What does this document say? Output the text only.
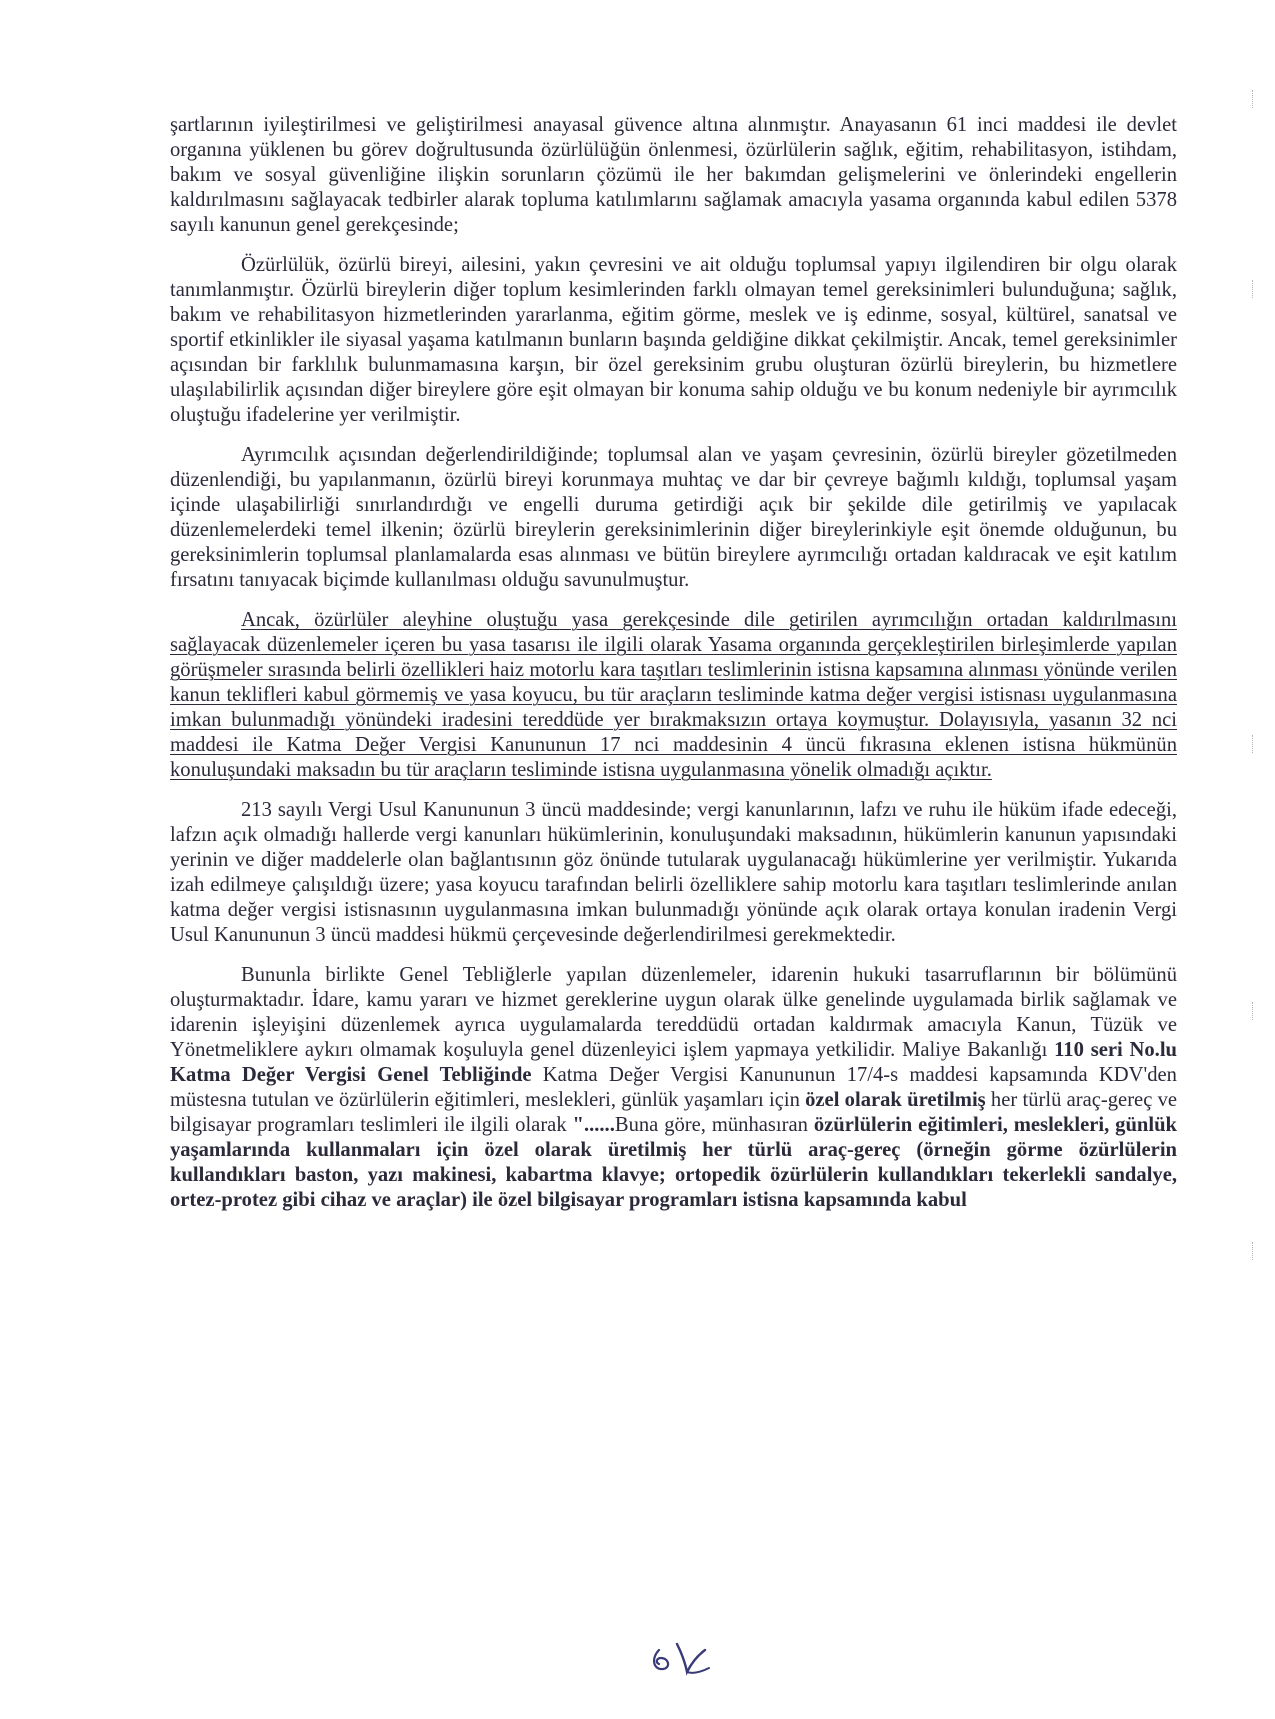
şartlarının iyileştirilmesi ve geliştirilmesi anayasal güvence altına alınmıştır. Anayasanın 61 inci maddesi ile devlet organına yüklenen bu görev doğrultusunda özürlülüğün önlenmesi, özürlülerin sağlık, eğitim, rehabilitasyon, istihdam, bakım ve sosyal güvenliğine ilişkin sorunların çözümü ile her bakımdan gelişmelerini ve önlerindeki engellerin kaldırılmasını sağlayacak tedbirler alarak topluma katılımlarını sağlamak amacıyla yasama organında kabul edilen 5378 sayılı kanunun genel gerekçesinde;

Özürlülük, özürlü bireyi, ailesini, yakın çevresini ve ait olduğu toplumsal yapıyı ilgilendiren bir olgu olarak tanımlanmıştır. Özürlü bireylerin diğer toplum kesimlerinden farklı olmayan temel gereksinimleri bulunduğuna; sağlık, bakım ve rehabilitasyon hizmetlerinden yararlanma, eğitim görme, meslek ve iş edinme, sosyal, kültürel, sanatsal ve sportif etkinlikler ile siyasal yaşama katılmanın bunların başında geldiğine dikkat çekilmiştir. Ancak, temel gereksinimler açısından bir farklılık bulunmamasına karşın, bir özel gereksinim grubu oluşturan özürlü bireylerin, bu hizmetlere ulaşılabilirlik açısından diğer bireylere göre eşit olmayan bir konuma sahip olduğu ve bu konum nedeniyle bir ayrımcılık oluştuğu ifadelerine yer verilmiştir.

Ayrımcılık açısından değerlendirildiğinde; toplumsal alan ve yaşam çevresinin, özürlü bireyler gözetilmeden düzenlendiği, bu yapılanmanın, özürlü bireyi korunmaya muhtaç ve dar bir çevreye bağımlı kıldığı, toplumsal yaşam içinde ulaşabilirliği sınırlandırdığı ve engelli duruma getirdiği açık bir şekilde dile getirilmiş ve yapılacak düzenlemelerdeki temel ilkenin; özürlü bireylerin gereksinimlerinin diğer bireylerinkiyle eşit önemde olduğunun, bu gereksinimlerin toplumsal planlamalarda esas alınması ve bütün bireylere ayrımcılığı ortadan kaldıracak ve eşit katılım fırsatını tanıyacak biçimde kullanılması olduğu savunulmuştur.

Ancak, özürlüler aleyhine oluştuğu yasa gerekçesinde dile getirilen ayrımcılığın ortadan kaldırılmasını sağlayacak düzenlemeler içeren bu yasa tasarısı ile ilgili olarak Yasama organında gerçekleştirilen birleşimlerde yapılan görüşmeler sırasında belirli özellikleri haiz motorlu kara taşıtları teslimlerinin istisna kapsamına alınması yönünde verilen kanun teklifleri kabul görmemiş ve yasa koyucu, bu tür araçların tesliminde katma değer vergisi istisnası uygulanmasına imkan bulunmadığı yönündeki iradesini tereddüde yer bırakmaksızın ortaya koymuştur. Dolayısıyla, yasanın 32 nci maddesi ile Katma Değer Vergisi Kanununun 17 nci maddesinin 4 üncü fıkrasına eklenen istisna hükmünün konuluşundaki maksadın bu tür araçların tesliminde istisna uygulanmasına yönelik olmadığı açıktır.

213 sayılı Vergi Usul Kanununun 3 üncü maddesinde; vergi kanunlarının, lafzı ve ruhu ile hüküm ifade edeceği, lafzın açık olmadığı hallerde vergi kanunları hükümlerinin, konuluşundaki maksadının, hükümlerin kanunun yapısındaki yerinin ve diğer maddelerle olan bağlantısının göz önünde tutularak uygulanacağı hükümlerine yer verilmiştir. Yukarıda izah edilmeye çalışıldığı üzere; yasa koyucu tarafından belirli özelliklere sahip motorlu kara taşıtları teslimlerinde anılan katma değer vergisi istisnasının uygulanmasına imkan bulunmadığı yönünde açık olarak ortaya konulan iradenin Vergi Usul Kanununun 3 üncü maddesi hükmü çerçevesinde değerlendirilmesi gerekmektedir.

Bununla birlikte Genel Tebliğlerle yapılan düzenlemeler, idarenin hukuki tasarruflarının bir bölümünü oluşturmaktadır. İdare, kamu yararı ve hizmet gereklerine uygun olarak ülke genelinde uygulamada birlik sağlamak ve idarenin işleyişini düzenlemek ayrıca uygulamalarda tereddüdü ortadan kaldırmak amacıyla Kanun, Tüzük ve Yönetmeliklere aykırı olmamak koşuluyla genel düzenleyici işlem yapmaya yetkilidir. Maliye Bakanlığı 110 seri No.lu Katma Değer Vergisi Genel Tebliğinde Katma Değer Vergisi Kanununun 17/4-s maddesi kapsamında KDV'den müstesna tutulan ve özürlülerin eğitimleri, meslekleri, günlük yaşamları için özel olarak üretilmiş her türlü araç-gereç ve bilgisayar programları teslimleri ile ilgili olarak "......Buna göre, münhasıran özürlülerin eğitimleri, meslekleri, günlük yaşamlarında kullanmaları için özel olarak üretilmiş her türlü araç-gereç (örneğin görme özürlülerin kullandıkları baston, yazı makinesi, kabartma klavye; ortopedik özürlülerin kullandıkları tekerlekli sandalye, ortez-protez gibi cihaz ve araçlar) ile özel bilgisayar programları istisna kapsamında kabul
